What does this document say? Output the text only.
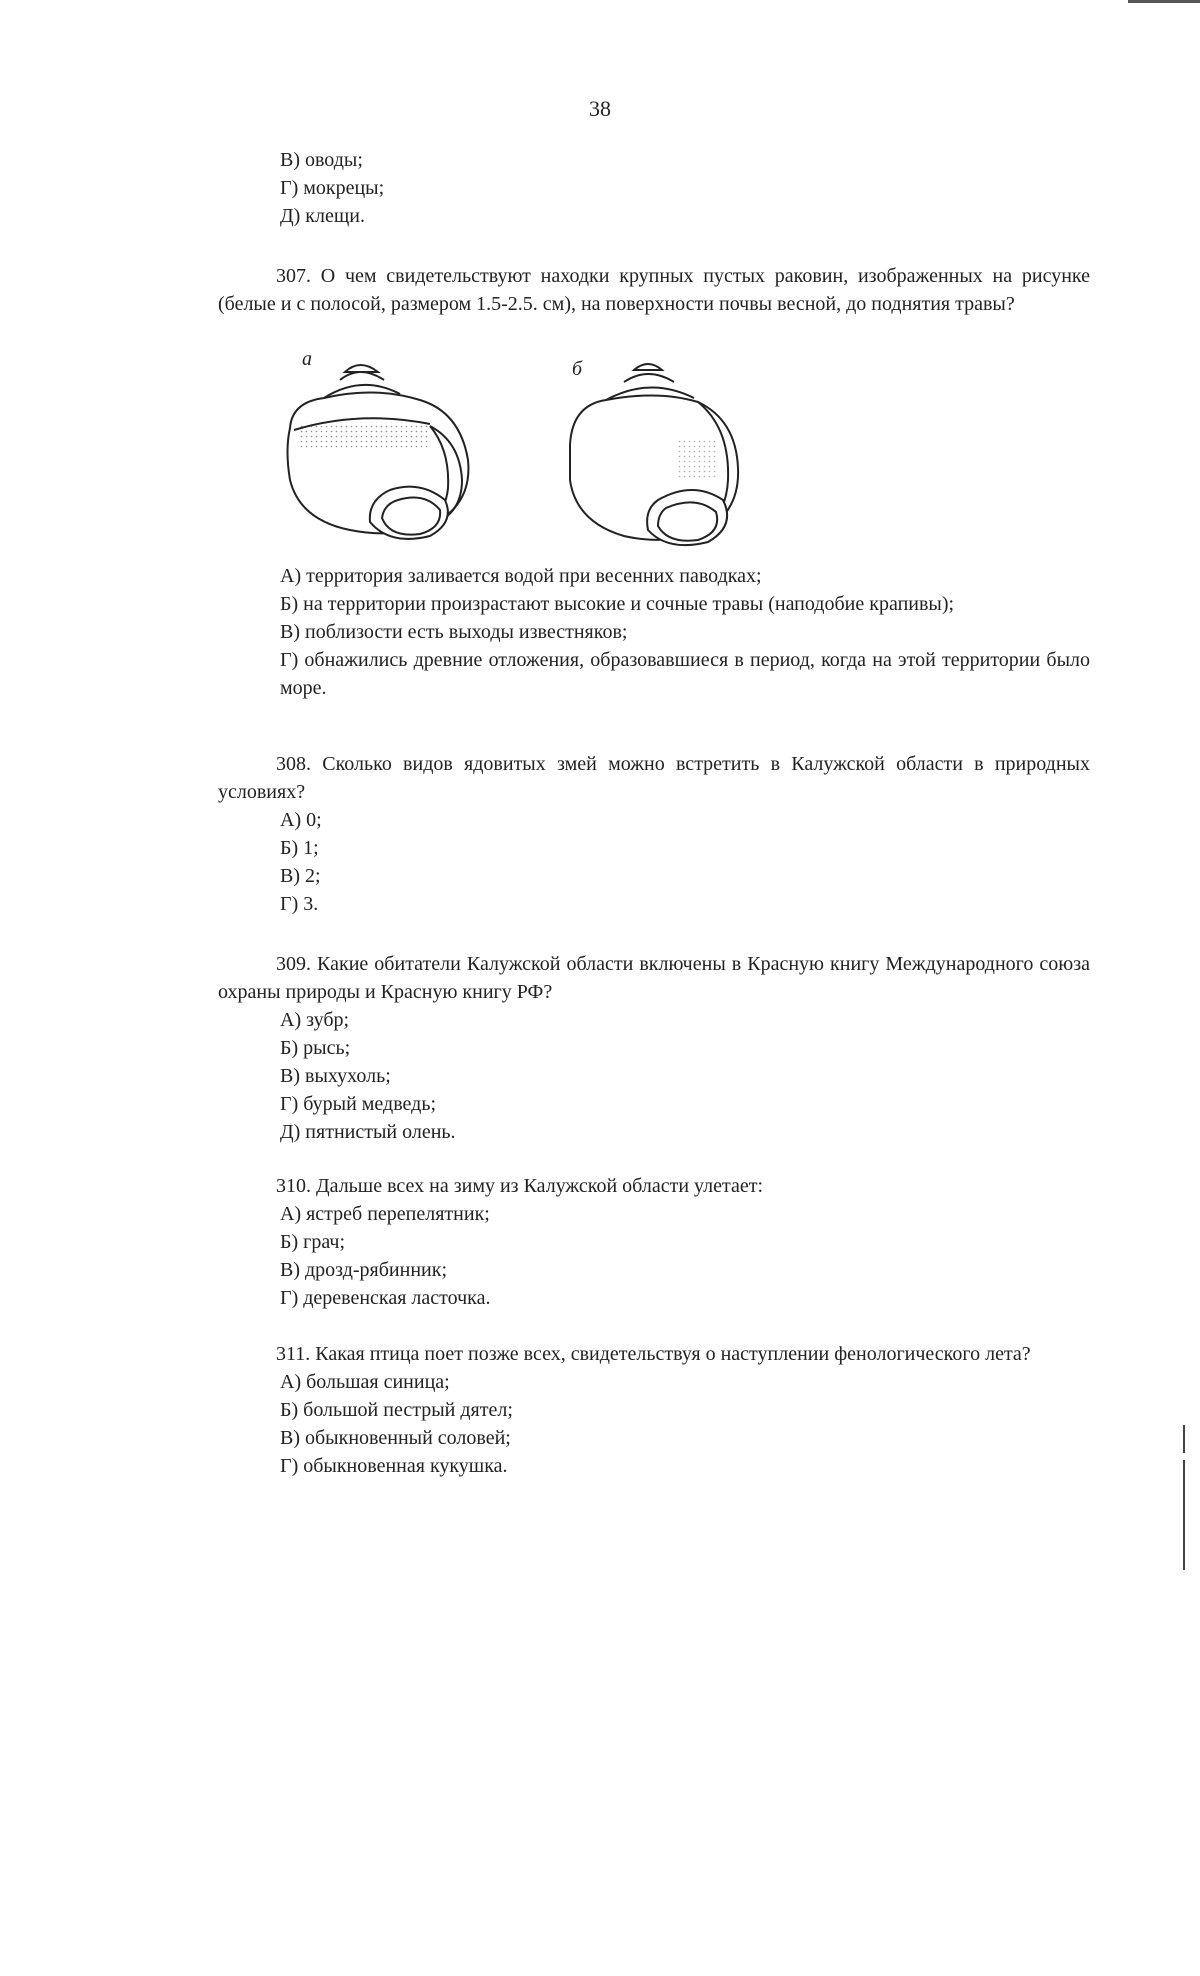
38
В) оводы;
Г) мокрецы;
Д) клещи.
307. О чем свидетельствуют находки крупных пустых раковин, изображенных на рисунке (белые и с полосой, размером 1.5-2.5. см), на поверхности почвы весной, до поднятия травы?
а	б
А) территория заливается водой при весенних паводках;
Б) на территории произрастают высокие и сочные травы (наподобие крапивы);
В) поблизости есть выходы известняков;
Г) обнажились древние отложения, образовавшиеся в период, когда на этой территории было море.
308. Сколько видов ядовитых змей можно встретить в Калужской области в природных условиях?
А) 0;
Б) 1;
В) 2;
Г) 3.
309. Какие обитатели Калужской области включены в Красную книгу Международного союза охраны природы и Красную книгу РФ?
А) зубр;
Б) рысь;
В) выхухоль;
Г) бурый медведь;
Д) пятнистый олень.
310. Дальше всех на зиму из Калужской области улетает:
А) ястреб перепелятник;
Б) грач;
В) дрозд-рябинник;
Г) деревенская ласточка.
311. Какая птица поет позже всех, свидетельствуя о наступлении фенологического лета?
А) большая синица;
Б) большой пестрый дятел;
В) обыкновенный соловей;
Г) обыкновенная кукушка.
